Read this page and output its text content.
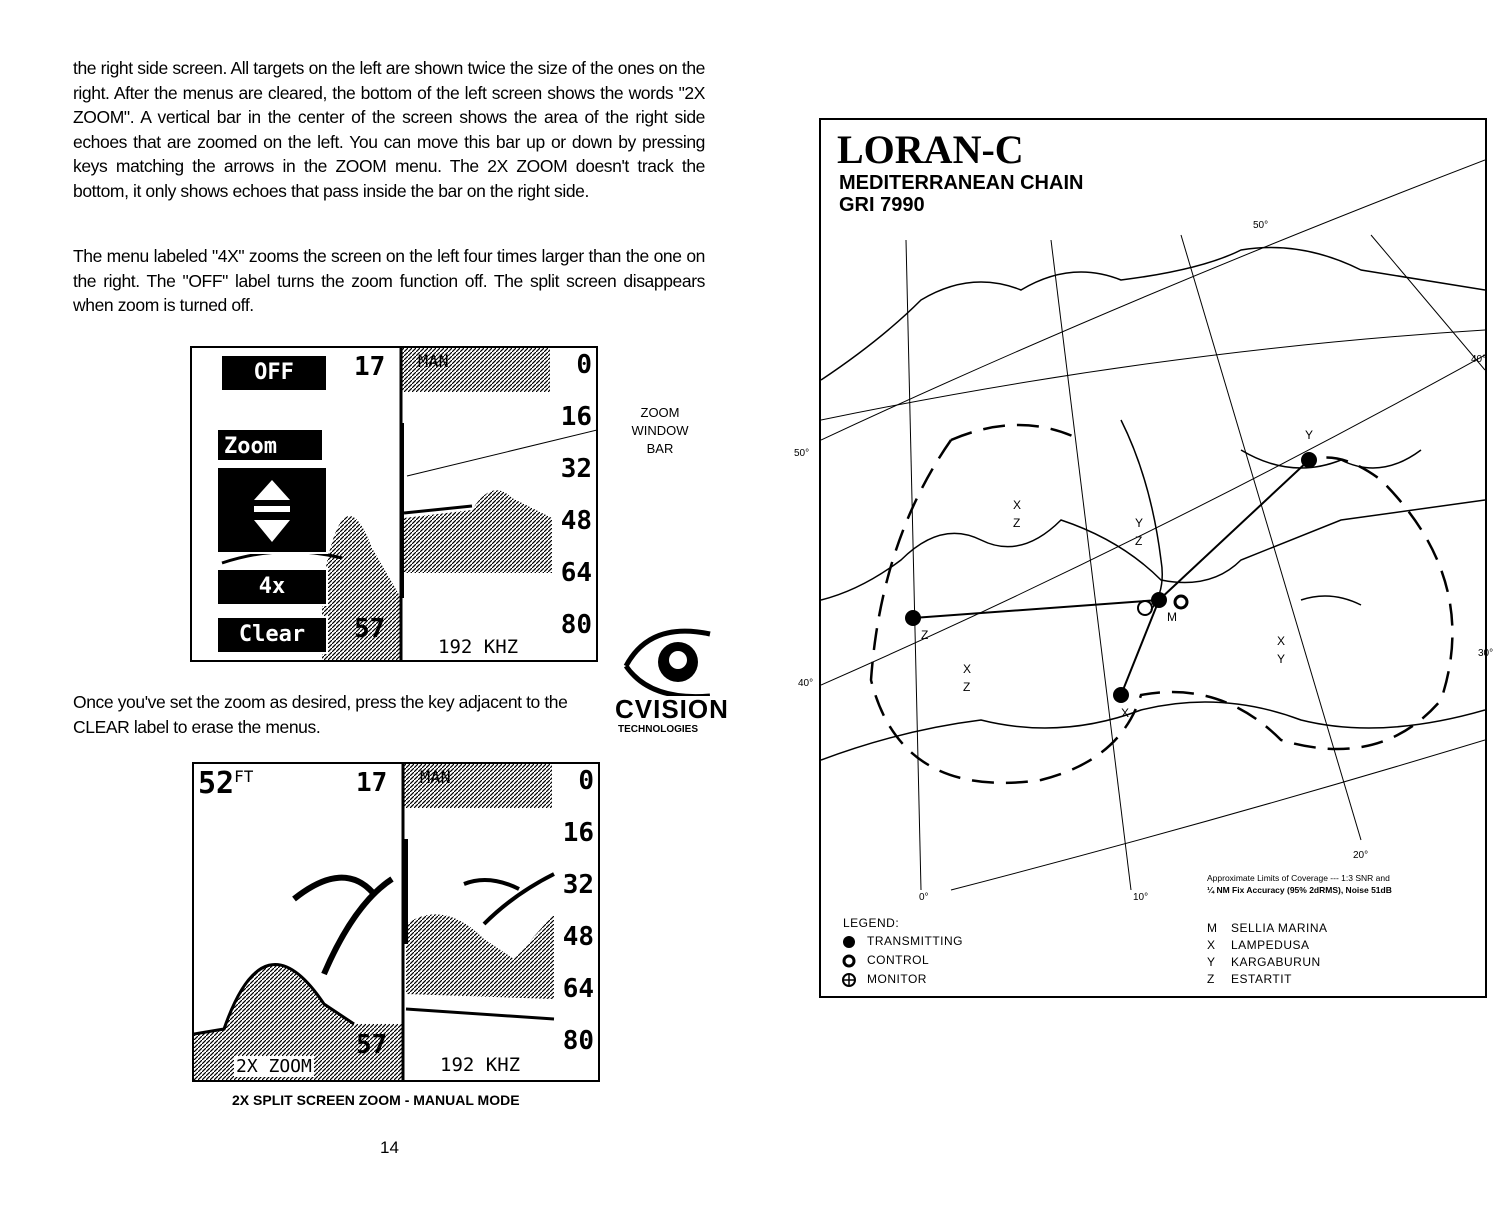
the right side screen. All targets on the left are shown twice the size of the ones on the right. After the menus are cleared, the bottom of the left screen shows the words "2X ZOOM". A vertical bar in the center of the screen shows the area of the right side echoes that are zoomed on the left. You can move this bar up or down by pressing keys matching the arrows in the ZOOM menu. The 2X ZOOM doesn't track the bottom, it only shows echoes that pass inside the bar on the right side.

The menu labeled "4X" zooms the screen on the left four times larger than the one on the right. The "OFF" label turns the zoom function off. The split screen disappears when zoom is turned off.

OFF
Zoom
4x
Clear
17
57
MAN	0
16
32
48
64
80
192 KHZ
ZOOM
WINDOW
BAR

Once you've set the zoom as desired, press the key adjacent to the CLEAR label to erase the menus.

CVISION
TECHNOLOGIES
$52^{FT}$	17
57
MAN
2X ZOOM
0
16
32
48
64
80
192 KHZ
2X SPLIT SCREEN ZOOM - MANUAL MODE
14
LORAN-C
MEDITERRANEAN CHAIN
GRI 7990
Y
X
Z	Y
Z
Z
X
Z
M
X
X
Y
50°
40°
20°
0°	10°
Approximate Limits of Coverage --- 1:3 SNR and
¼ NM Fix Accuracy (95% 2dRMS), Noise 51dB
LEGEND:
TRANSMITTING
CONTROL
MONITOR
M SELLIA MARINA
X LAMPEDUSA
Y KARGABURUN
Z ESTARTIT
50°
40°
30°
